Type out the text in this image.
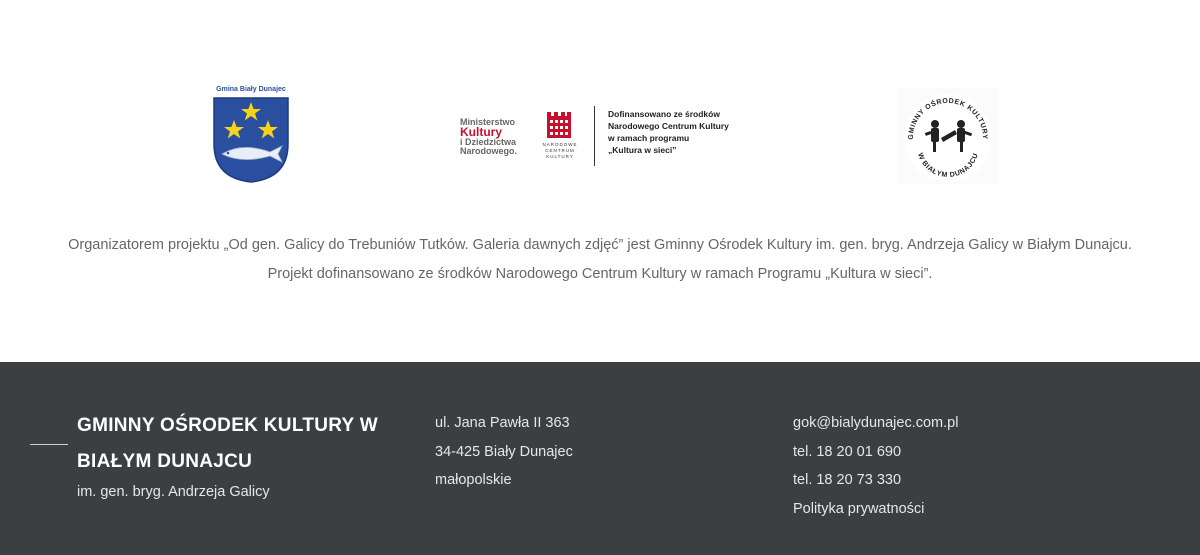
Gmina Biały Dunajec
Ministerstwo
Kultury
i Dziedzictwa
Narodowego.
NARODOWE CENTRUM KULTURY
Dofinansowano ze środków
Narodowego Centrum Kultury
w ramach programu
„Kultura w sieci”
GMINNY OŚRODEK KULTURY
W BIAŁYM DUNAJCU

Organizatorem projektu „Od gen. Galicy do Trebuniów Tutków. Galeria dawnych zdjęć” jest Gminny Ośrodek Kultury im. gen. bryg. Andrzeja Galicy w Białym Dunajcu. Projekt dofinansowano ze środków Narodowego Centrum Kultury w ramach Programu „Kultura w sieci”.

GMINNY OŚRODEK KULTURY W BIAŁYM DUNAJCU
im. gen. bryg. Andrzeja Galicy
ul. Jana Pawła II 363
34-425 Biały Dunajec
małopolskie
gok@bialydunajec.com.pl
tel. 18 20 01 690
tel. 18 20 73 330
Polityka prywatności
